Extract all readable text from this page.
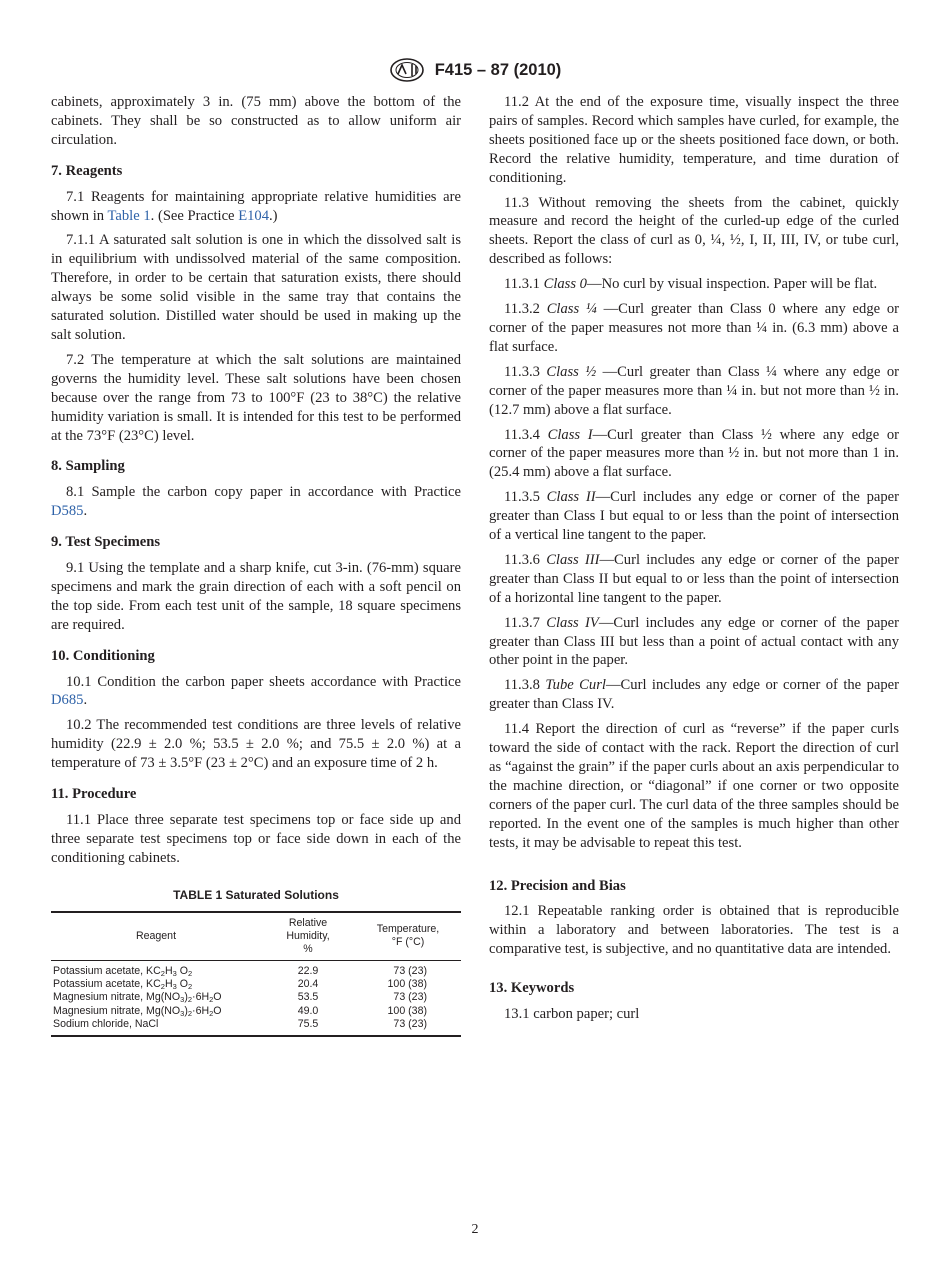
F415 – 87 (2010)

cabinets, approximately 3 in. (75 mm) above the bottom of the cabinets. They shall be so constructed as to allow uniform air circulation.

7. Reagents

7.1 Reagents for maintaining appropriate relative humidities are shown in Table 1. (See Practice E104.)

7.1.1 A saturated salt solution is one in which the dissolved salt is in equilibrium with undissolved material of the same composition. Therefore, in order to be certain that saturation exists, there should always be some solid visible in the same tray that contains the saturated solution. Distilled water should be used in making up the salt solution.

7.2 The temperature at which the salt solutions are maintained governs the humidity level. These salt solutions have been chosen because over the range from 73 to 100°F (23 to 38°C) the relative humidity variation is small. It is intended for this test to be performed at the 73°F (23°C) level.

8. Sampling

8.1 Sample the carbon copy paper in accordance with Practice D585.

9. Test Specimens

9.1 Using the template and a sharp knife, cut 3-in. (76-mm) square specimens and mark the grain direction of each with a soft pencil on the top side. From each test unit of the sample, 18 square specimens are required.

10. Conditioning

10.1 Condition the carbon paper sheets accordance with Practice D685.

10.2 The recommended test conditions are three levels of relative humidity (22.9 ± 2.0 %; 53.5 ± 2.0 %; and 75.5 ± 2.0 %) at a temperature of 73 ± 3.5°F (23 ± 2°C) and an exposure time of 2 h.

11. Procedure

11.1 Place three separate test specimens top or face side up and three separate test specimens top or face side down in each of the conditioning cabinets.

TABLE 1 Saturated Solutions
Reagent	Relative
Humidity,
%	Temperature,
°F (°C)
Potassium acetate, $KC_2H_3$ $O_2$	22.9	73 (23)
Potassium acetate, $KC_2H_3$ $O_2$	20.4	100 (38)
Magnesium nitrate, $Mg(NO_3)_2\cdot 6H_2O$	53.5	73 (23)
Magnesium nitrate, $Mg(NO_3)_2\cdot 6H_2O$	49.0	100 (38)
Sodium chloride, NaCl	75.5	73 (23)

11.2 At the end of the exposure time, visually inspect the three pairs of samples. Record which samples have curled, for example, the sheets positioned face up or the sheets positioned face down, or both. Record the relative humidity, temperature, and time duration of conditioning.

11.3 Without removing the sheets from the cabinet, quickly measure and record the height of the curled-up edge of the curled sheets. Report the class of curl as 0, ¼, ½, I, II, III, IV, or tube curl, described as follows:

11.3.1 Class 0—No curl by visual inspection. Paper will be flat.

11.3.2 Class ¼ —Curl greater than Class 0 where any edge or corner of the paper measures not more than ¼ in. (6.3 mm) above a flat surface.

11.3.3 Class ½ —Curl greater than Class ¼ where any edge or corner of the paper measures more than ¼ in. but not more than ½ in. (12.7 mm) above a flat surface.

11.3.4 Class I—Curl greater than Class ½ where any edge or corner of the paper measures more than ½ in. but not more than 1 in. (25.4 mm) above a flat surface.

11.3.5 Class II—Curl includes any edge or corner of the paper greater than Class I but equal to or less than the point of intersection of a vertical line tangent to the paper.

11.3.6 Class III—Curl includes any edge or corner of the paper greater than Class II but equal to or less than the point of intersection of a horizontal line tangent to the paper.

11.3.7 Class IV—Curl includes any edge or corner of the paper greater than Class III but less than a point of actual contact with any other point in the paper.

11.3.8 Tube Curl—Curl includes any edge or corner of the paper greater than Class IV.

11.4 Report the direction of curl as “reverse” if the paper curls toward the side of contact with the rack. Report the direction of curl as “against the grain” if the paper curls about an axis perpendicular to the machine direction, or “diagonal” if one corner or two opposite corners of the paper curl. The curl data of the three samples should be reported. In the event one of the samples is much higher than other tests, it may be advisable to repeat this test.

12. Precision and Bias

12.1 Repeatable ranking order is obtained that is reproducible within a laboratory and between laboratories. The test is a comparative test, is subjective, and no quantitative data are intended.

13. Keywords

13.1 carbon paper; curl

2
